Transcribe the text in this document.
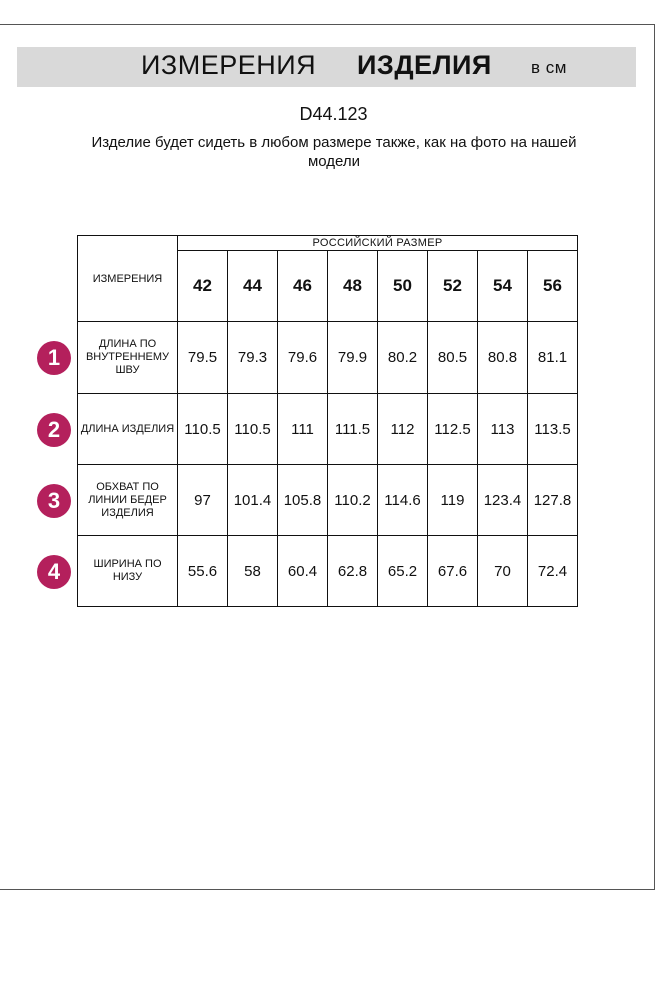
ИЗМЕРЕНИЯ ИЗДЕЛИЯ в см
D44.123
Изделие будет сидеть в любом размере также, как на фото на нашей модели
ИЗМЕРЕНИЯ	РОССИЙСКИЙ РАЗМЕР							
	42	44	46	48	50	52	54	56
ДЛИНА ПО ВНУТРЕННЕМУ ШВУ	79.5	79.3	79.6	79.9	80.2	80.5	80.8	81.1
ДЛИНА ИЗДЕЛИЯ	110.5	110.5	111	111.5	112	112.5	113	113.5
ОБХВАТ ПО ЛИНИИ БЕДЕР ИЗДЕЛИЯ	97	101.4	105.8	110.2	114.6	119	123.4	127.8
ШИРИНА ПО НИЗУ	55.6	58	60.4	62.8	65.2	67.6	70	72.4
1
2
3
4
